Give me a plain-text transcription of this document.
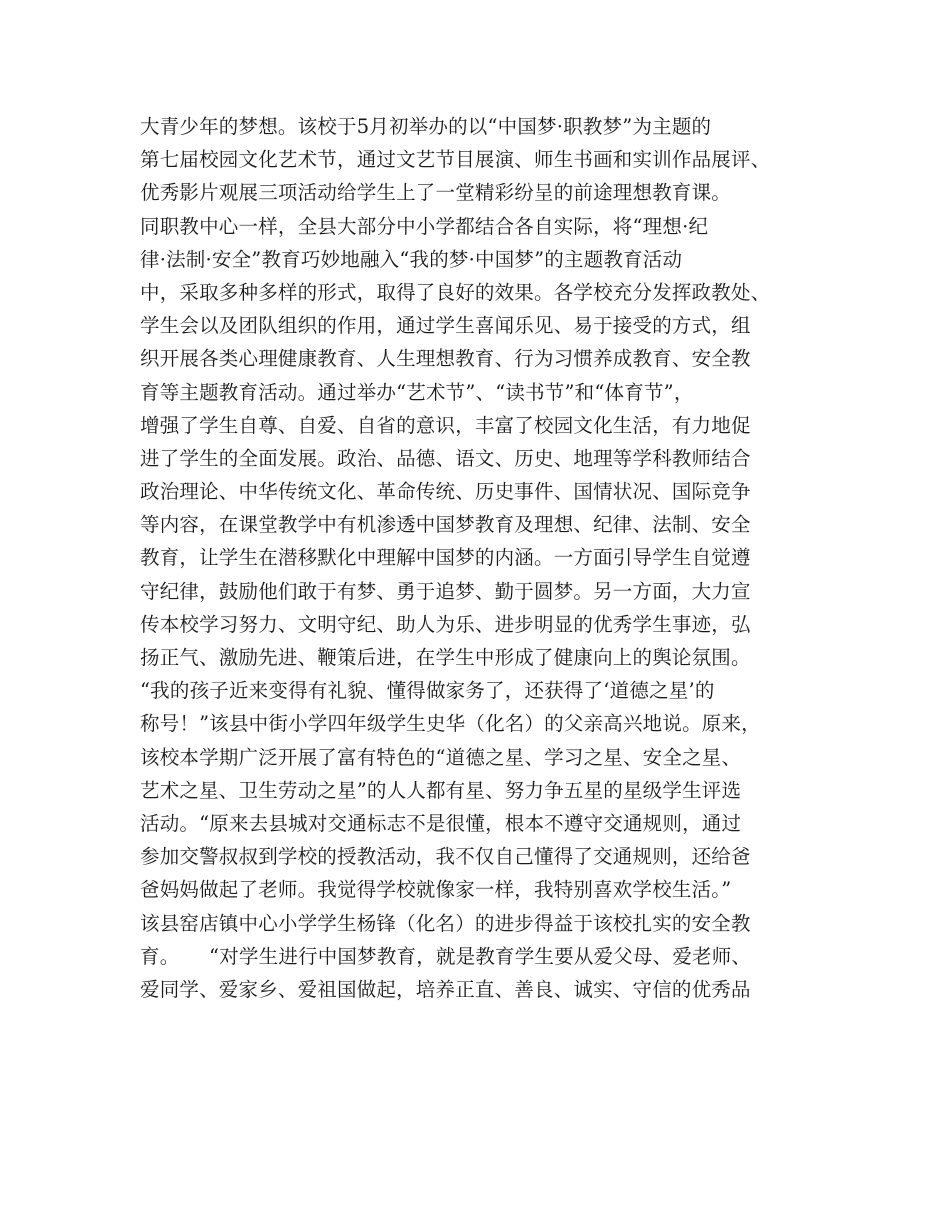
大青少年的梦想。该校于5月初举办的以“中国梦·职教梦”为主题的
第七届校园文化艺术节，通过文艺节目展演、师生书画和实训作品展评、
优秀影片观展三项活动给学生上了一堂精彩纷呈的前途理想教育课。
同职教中心一样，全县大部分中小学都结合各自实际，将“理想·纪
律·法制·安全”教育巧妙地融入“我的梦·中国梦”的主题教育活动
中，采取多种多样的形式，取得了良好的效果。各学校充分发挥政教处、
学生会以及团队组织的作用，通过学生喜闻乐见、易于接受的方式，组
织开展各类心理健康教育、人生理想教育、行为习惯养成教育、安全教
育等主题教育活动。通过举办“艺术节”、“读书节”和“体育节”，
增强了学生自尊、自爱、自省的意识，丰富了校园文化生活，有力地促
进了学生的全面发展。政治、品德、语文、历史、地理等学科教师结合
政治理论、中华传统文化、革命传统、历史事件、国情状况、国际竞争
等内容，在课堂教学中有机渗透中国梦教育及理想、纪律、法制、安全
教育，让学生在潜移默化中理解中国梦的内涵。一方面引导学生自觉遵
守纪律，鼓励他们敢于有梦、勇于追梦、勤于圆梦。另一方面，大力宣
传本校学习努力、文明守纪、助人为乐、进步明显的优秀学生事迹，弘
扬正气、激励先进、鞭策后进，在学生中形成了健康向上的舆论氛围。
“我的孩子近来变得有礼貌、懂得做家务了，还获得了‘道德之星’的
称号！”该县中街小学四年级学生史华（化名）的父亲高兴地说。原来，
该校本学期广泛开展了富有特色的“道德之星、学习之星、安全之星、
艺术之星、卫生劳动之星”的人人都有星、努力争五星的星级学生评选
活动。“原来去县城对交通标志不是很懂，根本不遵守交通规则，通过
参加交警叔叔到学校的授教活动，我不仅自己懂得了交通规则，还给爸
爸妈妈做起了老师。我觉得学校就像家一样，我特别喜欢学校生活。”
该县窑店镇中心小学学生杨锋（化名）的进步得益于该校扎实的安全教
育。　　“对学生进行中国梦教育，就是教育学生要从爱父母、爱老师、
爱同学、爱家乡、爱祖国做起，培养正直、善良、诚实、守信的优秀品
